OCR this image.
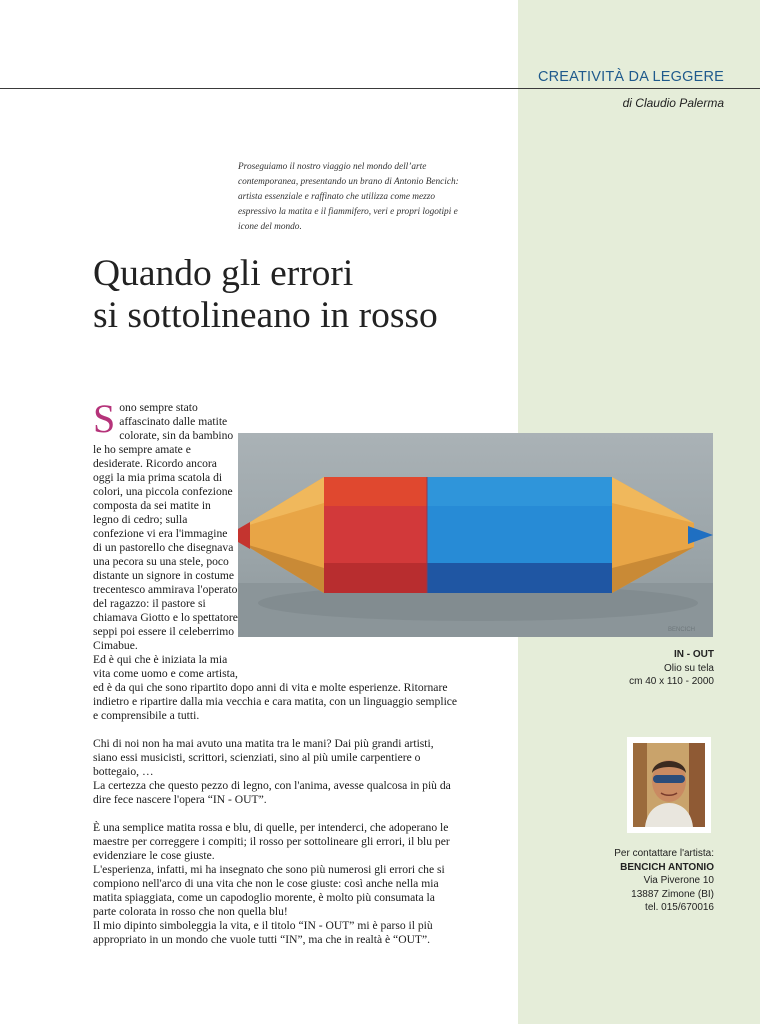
CREATIVITÀ DA LEGGERE
di Claudio Palerma
Proseguiamo il nostro viaggio nel mondo dell’arte contemporanea, presentando un brano di Antonio Bencich: artista essenziale e raffinato che utilizza come mezzo espressivo la matita e il fiammifero, veri e propri logotipi e icone del mondo.
Quando gli errori
si sottolineano in rosso

Sono sempre stato affascinato dalle matite colorate, sin da bambino le ho sempre amate e desiderate. Ricordo ancora oggi la mia prima scatola di colori, una piccola confezione composta da sei matite in legno di cedro; sulla confezione vi era l'immagine di un pastorello che disegnava una pecora su una stele, poco distante un signore in costume trecentesco ammirava l'operato del ragazzo: il pastore si chiamava Giotto e lo spettatore seppi poi essere il celeberrimo Cimabue.

Ed è qui che è iniziata la mia vita come uomo e come artista, ed è da qui che sono ripartito dopo anni di vita e molte esperienze. Ritornare indietro e ripartire dalla mia vecchia e cara matita, con un linguaggio semplice e comprensibile a tutti.

Chi di noi non ha mai avuto una matita tra le mani? Dai più grandi artisti, siano essi musicisti, scrittori, scienziati, sino al più umile carpentiere o bottegaio, …

La certezza che questo pezzo di legno, con l'anima, avesse qualcosa in più da dire fece nascere l'opera “IN - OUT”.

È una semplice matita rossa e blu, di quelle, per intenderci, che adoperano le maestre per correggere i compiti; il rosso per sottolineare gli errori, il blu per evidenziare le cose giuste.

L'esperienza, infatti, mi ha insegnato che sono più numerosi gli errori che si compiono nell'arco di una vita che non le cose giuste: così anche nella mia matita spiaggiata, come un capodoglio morente, è molto più consumata la parte colorata in rosso che non quella blu!

Il mio dipinto simboleggia la vita, e il titolo “IN - OUT” mi è parso il più appropriato in un mondo che vuole tutti “IN”, ma che in realtà è “OUT”.

BENCICH
IN - OUT
Olio su tela
cm 40 x 110 - 2000
Per contattare l'artista:
BENCICH ANTONIO
Via Piverone 10
13887 Zimone (BI)
tel. 015/670016
